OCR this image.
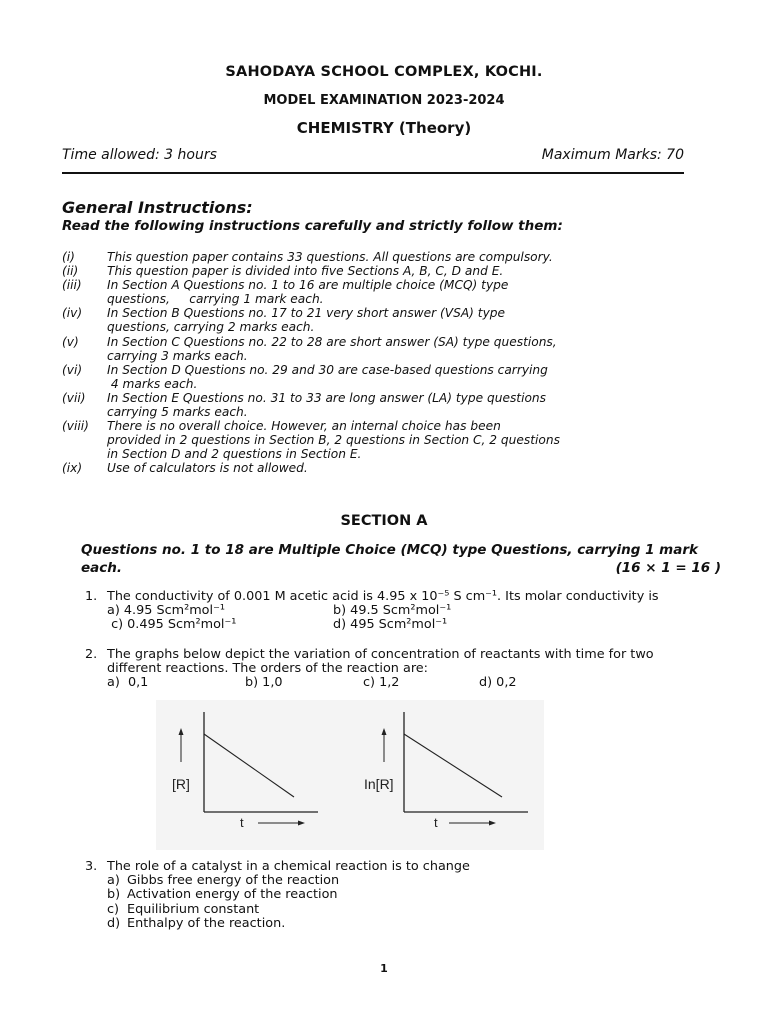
SAHODAYA SCHOOL COMPLEX, KOCHI.
MODEL EXAMINATION 2023-2024
CHEMISTRY (Theory)
Time allowed: 3 hours	Maximum Marks: 70
General Instructions:
Read the following instructions carefully and strictly follow them:
(i)	This question paper contains 33 questions. All questions are compulsory.
(ii)	This question paper is divided into five Sections A, B, C, D and E.
(iii)	In Section A Questions no. 1 to 16 are multiple choice (MCQ) type
questions,     carrying 1 mark each.
(iv)	In Section B Questions no. 17 to 21 very short answer (VSA) type
questions, carrying 2 marks each.
(v)	In Section C Questions no. 22 to 28 are short answer (SA) type questions,
carrying 3 marks each.
(vi)	In Section D Questions no. 29 and 30 are case-based questions carrying
4 marks each.
(vii)	In Section E Questions no. 31 to 33 are long answer (LA) type questions
carrying 5 marks each.
(viii)	There is no overall choice. However, an internal choice has been
provided in 2 questions in Section B, 2 questions in Section C, 2 questions
in Section D and 2 questions in Section E.
(ix)	Use of calculators is not allowed.
SECTION A
Questions no. 1 to 18 are Multiple Choice (MCQ) type Questions, carrying 1 mark
each.	(16 × 1 = 16 )
1. The conductivity of 0.001 M acetic acid is 4.95 x 10⁻⁵ S cm⁻¹. Its molar conductivity is
a) 4.95 Scm²mol⁻¹	b) 49.5 Scm²mol⁻¹
c) 0.495 Scm²mol⁻¹	d) 495 Scm²mol⁻¹
2. The graphs below depict the variation of concentration of reactants with time for two
different reactions. The orders of the reaction are:
a)  0,1	b) 1,0	c) 1,2	d) 0,2
[R]
t
In[R]
t
3. The role of a catalyst in a chemical reaction is to change
a) Gibbs free energy of the reaction
b) Activation energy of the reaction
c) Equilibrium constant
d) Enthalpy of the reaction.
1
